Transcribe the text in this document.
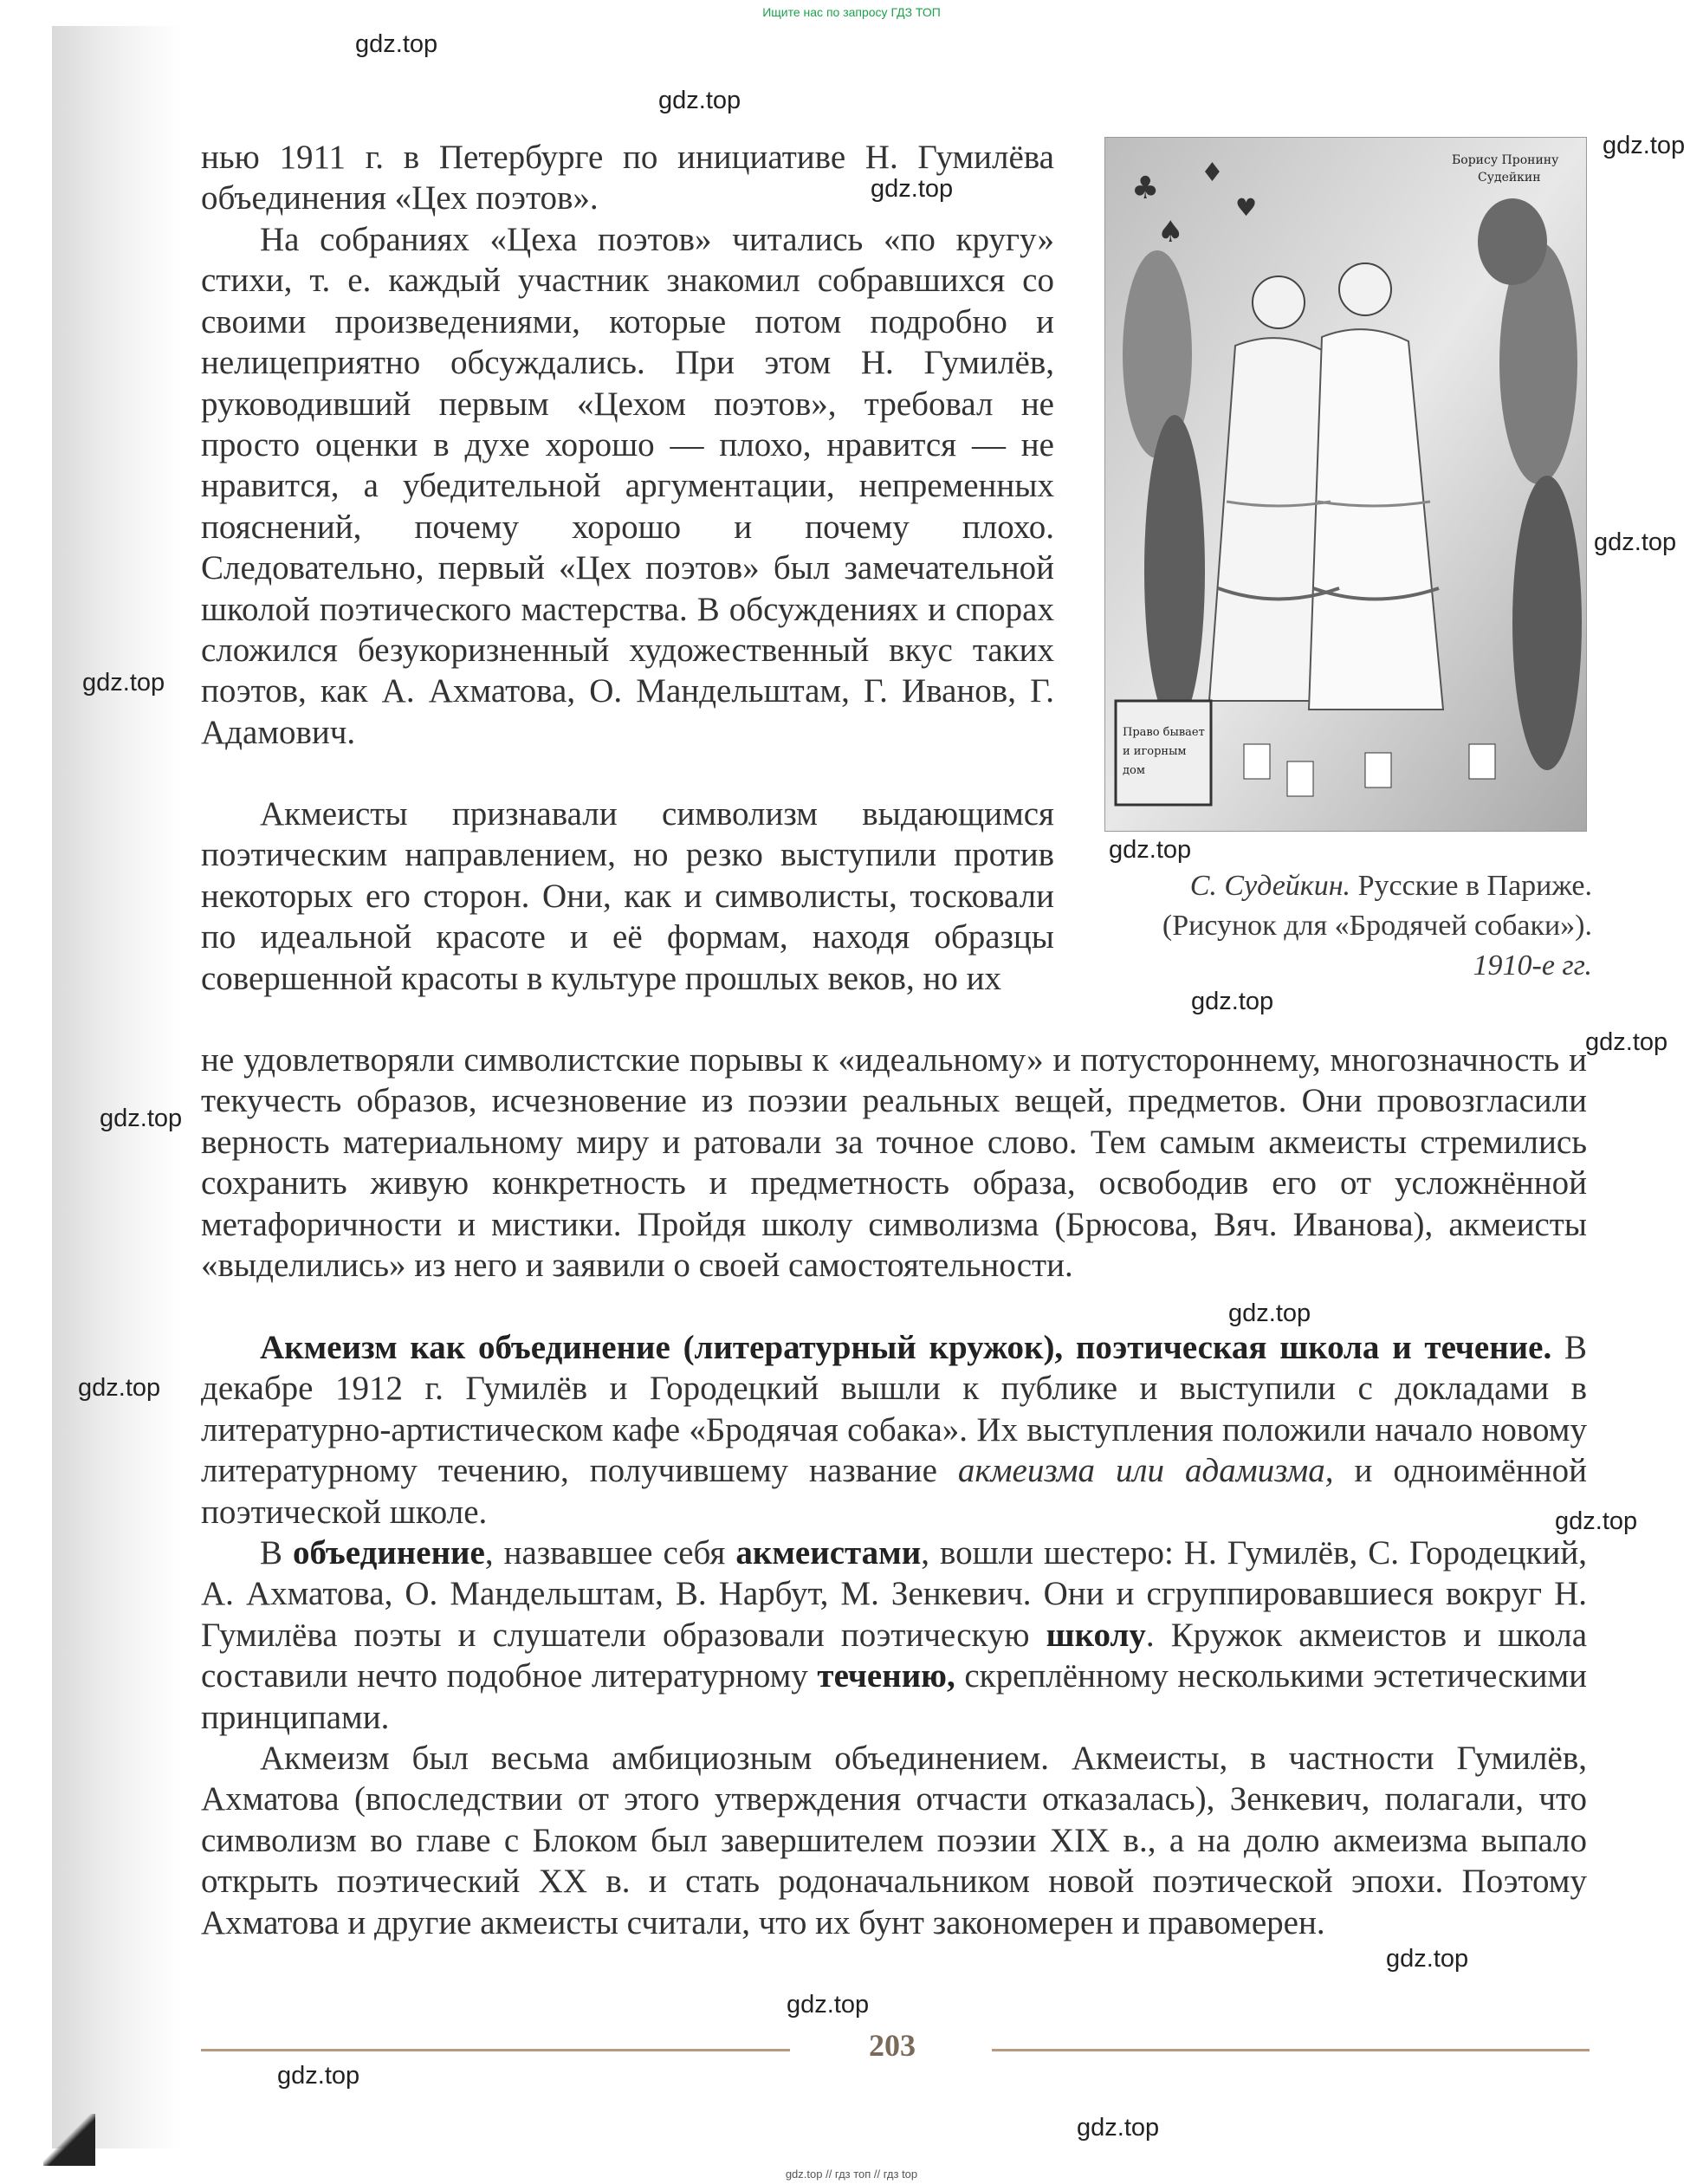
Ищите нас по запросу ГДЗ ТОП

нью 1911 г. в Петербурге по инициативе Н. Гумилёва объединения «Цех поэтов».

На собраниях «Цеха поэтов» читались «по кругу» стихи, т. е. каждый участник знакомил собравшихся со своими произведениями, которые потом подробно и нелицеприятно обсуждались. При этом Н. Гумилёв, руководивший первым «Цехом поэтов», требовал не просто оценки в духе хорошо — плохо, нравится — не нравится, а убедительной аргументации, непременных пояснений, почему хорошо и почему плохо. Следовательно, первый «Цех поэтов» был замечательной школой поэтического мастерства. В обсуждениях и спорах сложился безукоризненный художественный вкус таких поэтов, как А. Ахматова, О. Мандельштам, Г. Иванов, Г. Адамович.

Акмеисты признавали символизм выдающимся поэтическим направлением, но резко выступили против некоторых его сторон. Они, как и символисты, тосковали по идеальной красоте и её формам, находя образцы совершенной красоты в культуре прошлых веков, но их

не удовлетворяли символистские порывы к «идеальному» и потустороннему, многозначность и текучесть образов, исчезновение из поэзии реальных вещей, предметов. Они провозгласили верность материальному миру и ратовали за точное слово. Тем самым акмеисты стремились сохранить живую конкретность и предметность образа, освободив его от усложнённой метафоричности и мистики. Пройдя школу символизма (Брюсова, Вяч. Иванова), акмеисты «выделились» из него и заявили о своей самостоятельности.

Акмеизм как объединение (литературный кружок), поэтическая школа и течение. В декабре 1912 г. Гумилёв и Городецкий вышли к публике и выступили с докладами в литературно-артистическом кафе «Бродячая собака». Их выступления положили начало новому литературному течению, получившему название акмеизма или адамизма, и одноимённой поэтической школе.

В объединение, назвавшее себя акмеистами, вошли шестеро: Н. Гумилёв, С. Городецкий, А. Ахматова, О. Мандельштам, В. Нарбут, М. Зенкевич. Они и сгруппировавшиеся вокруг Н. Гумилёва поэты и слушатели образовали поэтическую школу. Кружок акмеистов и школа составили нечто подобное литературному течению, скреплённому несколькими эстетическими принципами.

Акмеизм был весьма амбициозным объединением. Акмеисты, в частности Гумилёв, Ахматова (впоследствии от этого утверждения отчасти отказалась), Зенкевич, полагали, что символизм во главе с Блоком был завершителем поэзии XIX в., а на долю акмеизма выпало открыть поэтический XX в. и стать родоначальником новой поэтической эпохи. Поэтому Ахматова и другие акмеисты считали, что их бунт закономерен и правомерен.

♣ ♦
♠
♥
Право бывает
и игорным
дом
Борису Пронину
Судейкин
С. Судейкин. Русские в Париже.
(Рисунок для «Бродячей собаки»).
1910-е гг.
203
gdz.top
gdz.top
gdz.top
gdz.top
gdz.top
gdz.top
gdz.top
gdz.top
gdz.top
gdz.top
gdz.top
gdz.top
gdz.top
gdz.top
gdz.top
gdz.top
gdz.top
gdz.top // гдз топ // гдз top
